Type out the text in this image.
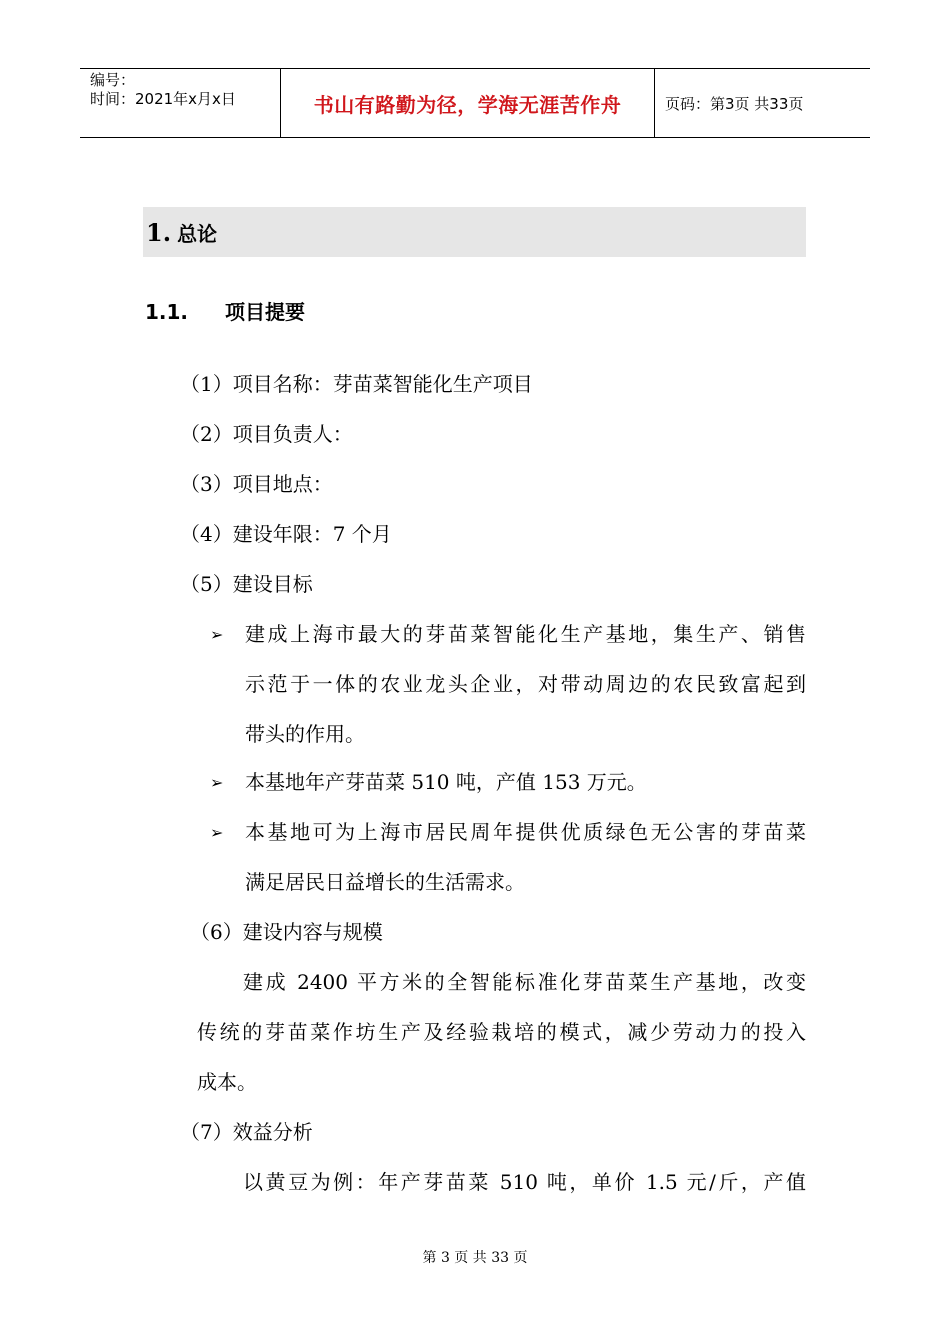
编号：
时间：2021年x月x日	书山有路勤为径，学海无涯苦作舟	页码：第3页 共33页
1. 总论
1.1. 项目提要
（1）项目名称：芽苗菜智能化生产项目
（2）项目负责人：
（3）项目地点：
（4）建设年限：7 个月
（5）建设目标
➢ 建成上海市最大的芽苗菜智能化生产基地，集生产、销售
示范于一体的农业龙头企业，对带动周边的农民致富起到
带头的作用。
➢ 本基地年产芽苗菜 510 吨，产值 153 万元。
➢ 本基地可为上海市居民周年提供优质绿色无公害的芽苗菜
满足居民日益增长的生活需求。
（6）建设内容与规模
建成 2400 平方米的全智能标准化芽苗菜生产基地，改变
传统的芽苗菜作坊生产及经验栽培的模式，减少劳动力的投入
成本。
（7）效益分析
以黄豆为例：年产芽苗菜 510 吨，单价 1.5 元/斤，产值
第 3 页 共 33 页
